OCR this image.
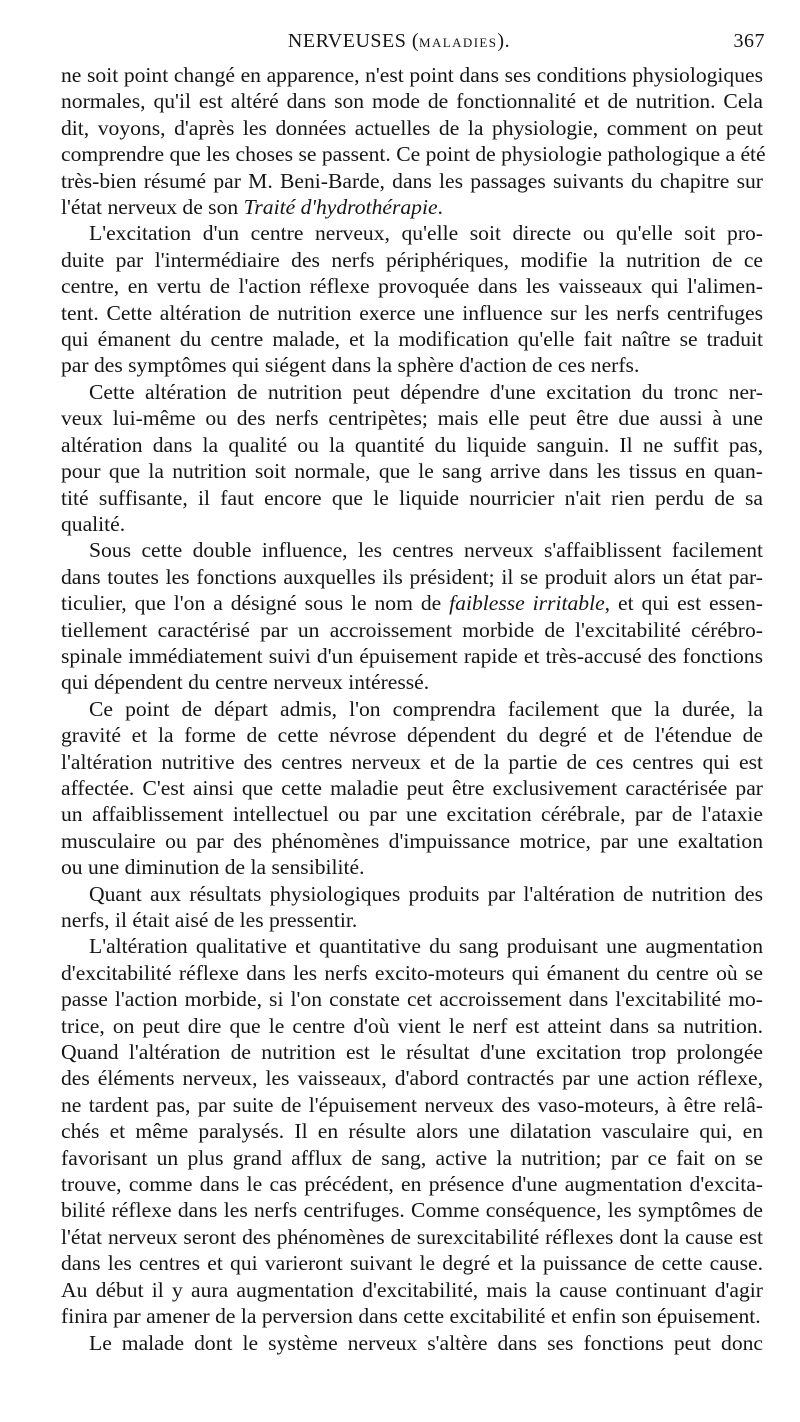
NERVEUSES (MALADIES).	367
ne soit point changé en apparence, n'est point dans ses conditions physiologiques
normales, qu'il est altéré dans son mode de fonctionnalité et de nutrition. Cela
dit, voyons, d'après les données actuelles de la physiologie, comment on peut
comprendre que les choses se passent. Ce point de physiologie pathologique a été
très-bien résumé par M. Beni-Barde, dans les passages suivants du chapitre sur
l'état nerveux de son Traité d'hydrothérapie.
L'excitation d'un centre nerveux, qu'elle soit directe ou qu'elle soit pro-
duite par l'intermédiaire des nerfs périphériques, modifie la nutrition de ce
centre, en vertu de l'action réflexe provoquée dans les vaisseaux qui l'alimen-
tent. Cette altération de nutrition exerce une influence sur les nerfs centrifuges
qui émanent du centre malade, et la modification qu'elle fait naître se traduit
par des symptômes qui siégent dans la sphère d'action de ces nerfs.
Cette altération de nutrition peut dépendre d'une excitation du tronc ner-
veux lui-même ou des nerfs centripètes; mais elle peut être due aussi à une
altération dans la qualité ou la quantité du liquide sanguin. Il ne suffit pas,
pour que la nutrition soit normale, que le sang arrive dans les tissus en quan-
tité suffisante, il faut encore que le liquide nourricier n'ait rien perdu de sa
qualité.
Sous cette double influence, les centres nerveux s'affaiblissent facilement
dans toutes les fonctions auxquelles ils président; il se produit alors un état par-
ticulier, que l'on a désigné sous le nom de faiblesse irritable, et qui est essen-
tiellement caractérisé par un accroissement morbide de l'excitabilité cérébro-
spinale immédiatement suivi d'un épuisement rapide et très-accusé des fonctions
qui dépendent du centre nerveux intéressé.
Ce point de départ admis, l'on comprendra facilement que la durée, la
gravité et la forme de cette névrose dépendent du degré et de l'étendue de
l'altération nutritive des centres nerveux et de la partie de ces centres qui est
affectée. C'est ainsi que cette maladie peut être exclusivement caractérisée par
un affaiblissement intellectuel ou par une excitation cérébrale, par de l'ataxie
musculaire ou par des phénomènes d'impuissance motrice, par une exaltation
ou une diminution de la sensibilité.
Quant aux résultats physiologiques produits par l'altération de nutrition des
nerfs, il était aisé de les pressentir.
L'altération qualitative et quantitative du sang produisant une augmentation
d'excitabilité réflexe dans les nerfs excito-moteurs qui émanent du centre où se
passe l'action morbide, si l'on constate cet accroissement dans l'excitabilité mo-
trice, on peut dire que le centre d'où vient le nerf est atteint dans sa nutrition.
Quand l'altération de nutrition est le résultat d'une excitation trop prolongée
des éléments nerveux, les vaisseaux, d'abord contractés par une action réflexe,
ne tardent pas, par suite de l'épuisement nerveux des vaso-moteurs, à être relâ-
chés et même paralysés. Il en résulte alors une dilatation vasculaire qui, en
favorisant un plus grand afflux de sang, active la nutrition; par ce fait on se
trouve, comme dans le cas précédent, en présence d'une augmentation d'excita-
bilité réflexe dans les nerfs centrifuges. Comme conséquence, les symptômes de
l'état nerveux seront des phénomènes de surexcitabilité réflexes dont la cause est
dans les centres et qui varieront suivant le degré et la puissance de cette cause.
Au début il y aura augmentation d'excitabilité, mais la cause continuant d'agir
finira par amener de la perversion dans cette excitabilité et enfin son épuisement.
Le malade dont le système nerveux s'altère dans ses fonctions peut donc
